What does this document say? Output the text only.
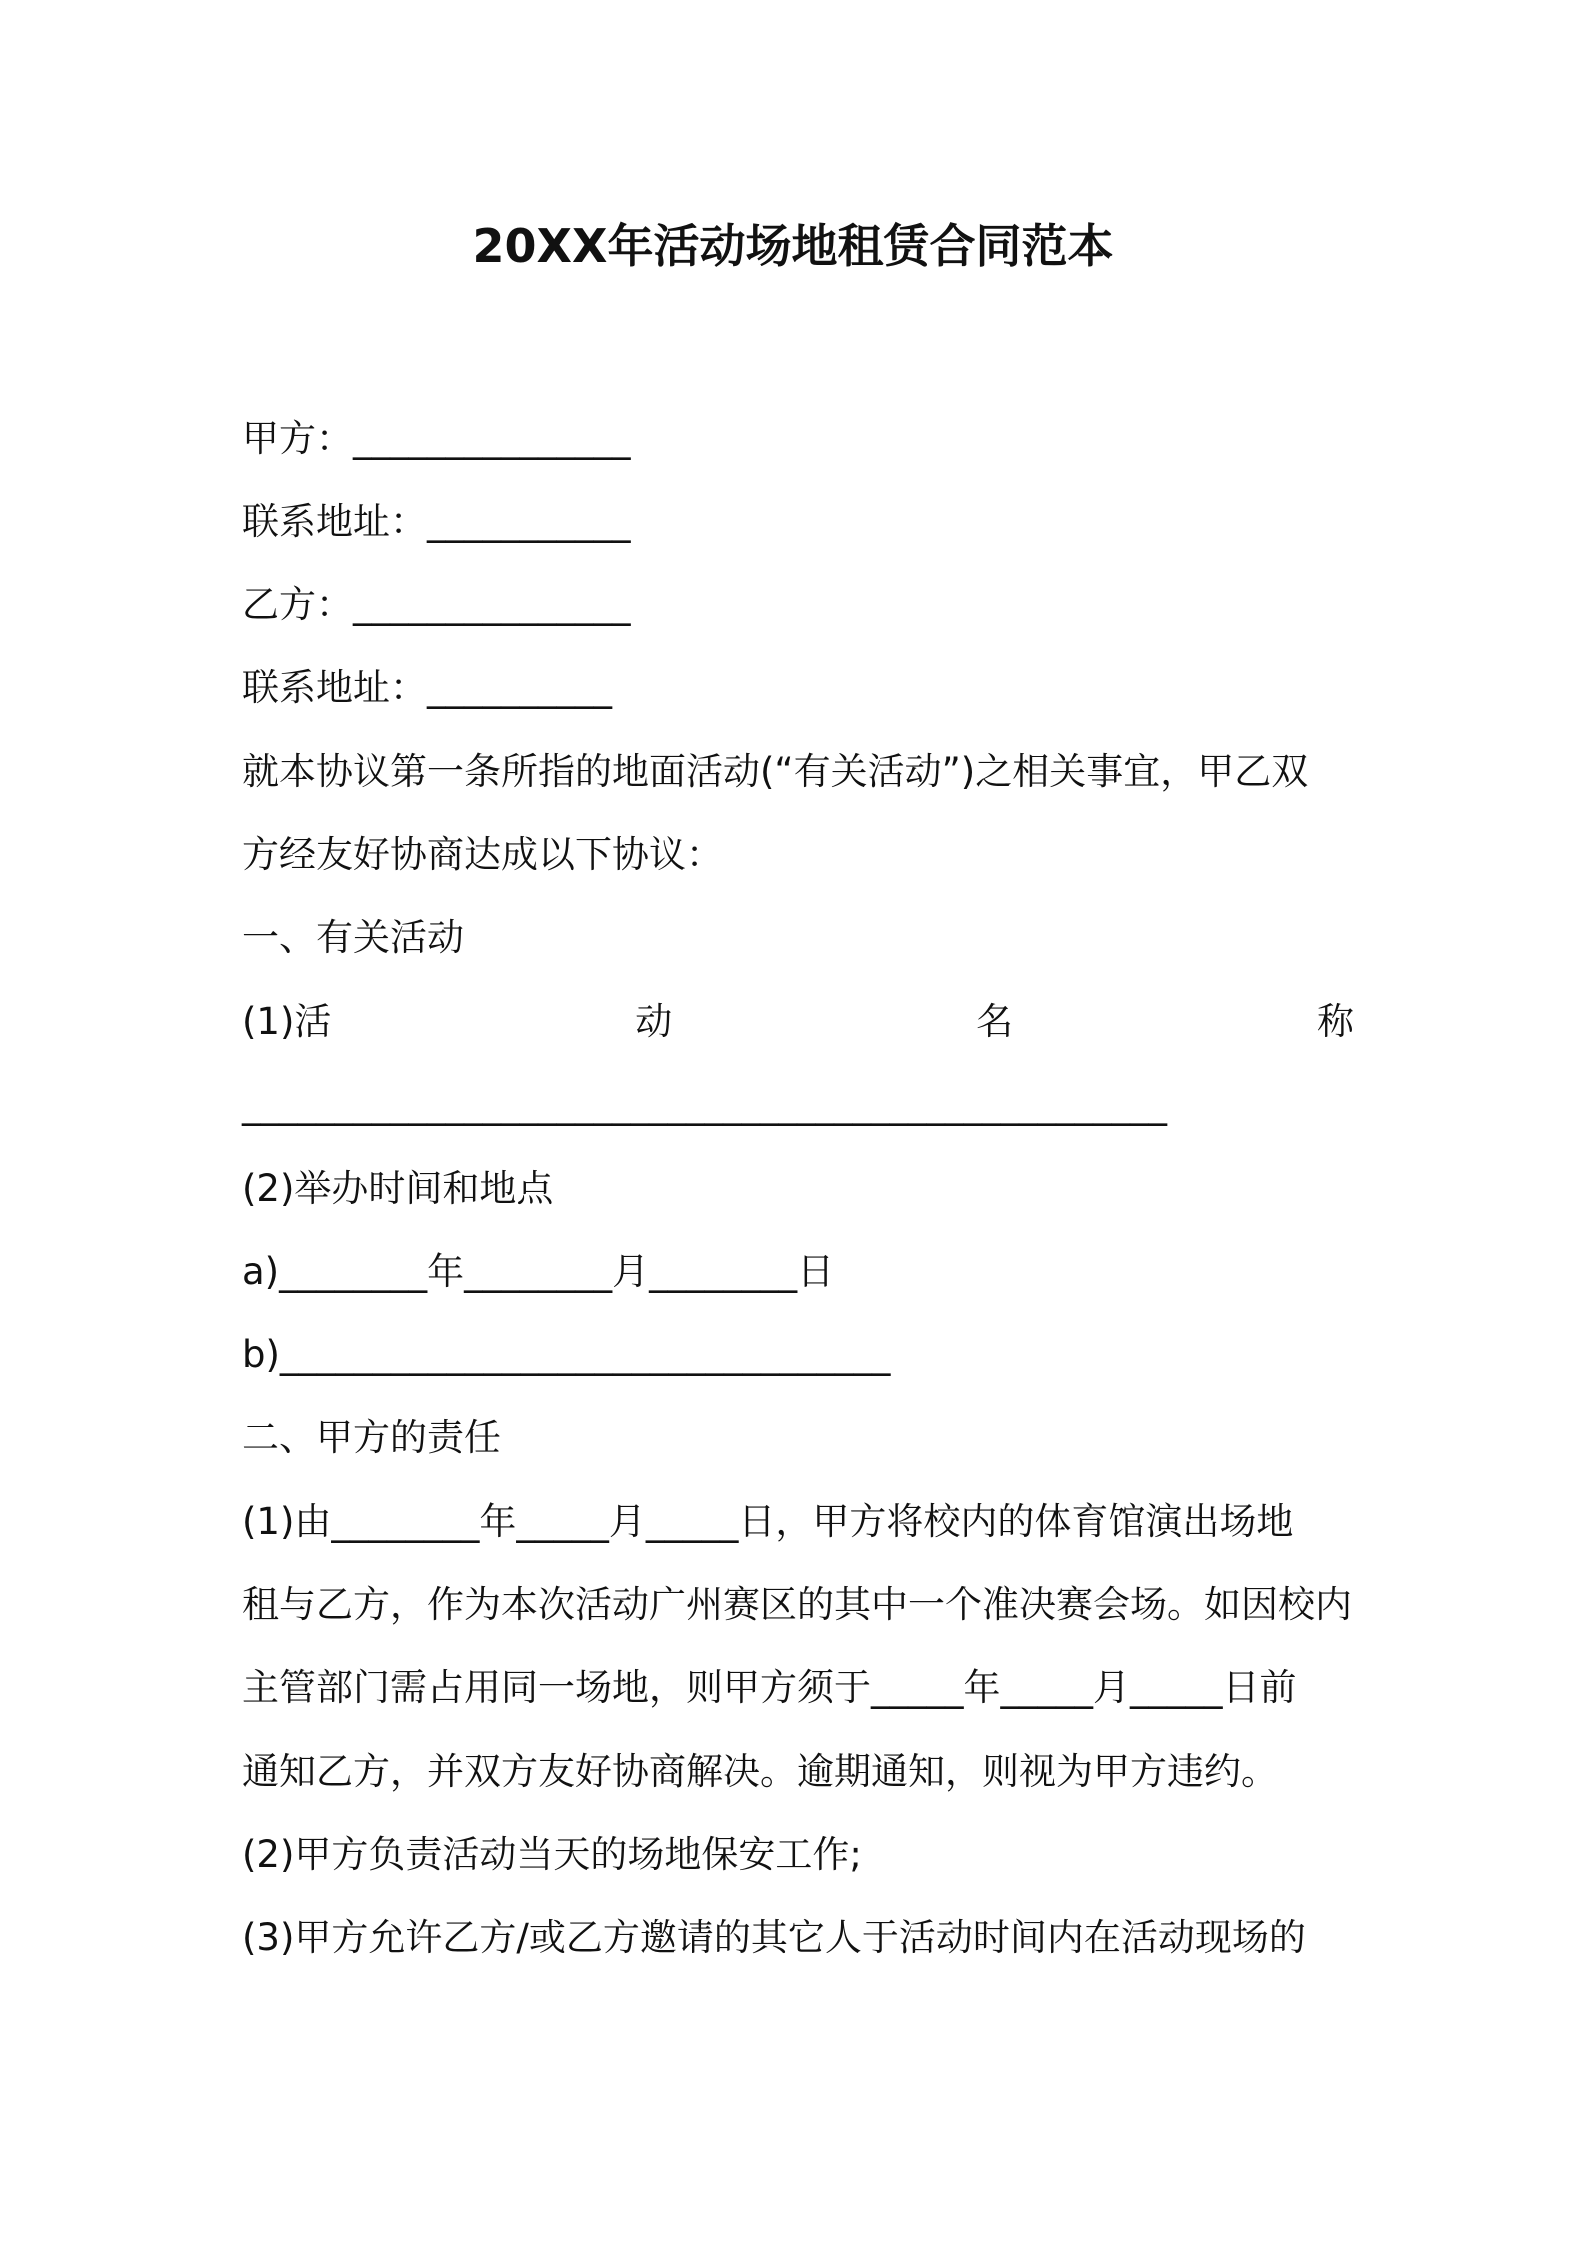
20XX年活动场地租赁合同范本
甲方：_______________
联系地址：___________
乙方：_______________
联系地址：__________
就本协议第一条所指的地面活动(“有关活动”)之相关事宜，甲乙双
方经友好协商达成以下协议：
一、有关活动
(1)活	动	名	称
__________________________________________________
(2)举办时间和地点
a)________年________月________日
b)_________________________________
二、甲方的责任
(1)由________年_____月_____日，甲方将校内的体育馆演出场地
租与乙方，作为本次活动广州赛区的其中一个准决赛会场。如因校内
主管部门需占用同一场地，则甲方须于_____年_____月_____日前
通知乙方，并双方友好协商解决。逾期通知，则视为甲方违约。
(2)甲方负责活动当天的场地保安工作;
(3)甲方允许乙方/或乙方邀请的其它人于活动时间内在活动现场的
